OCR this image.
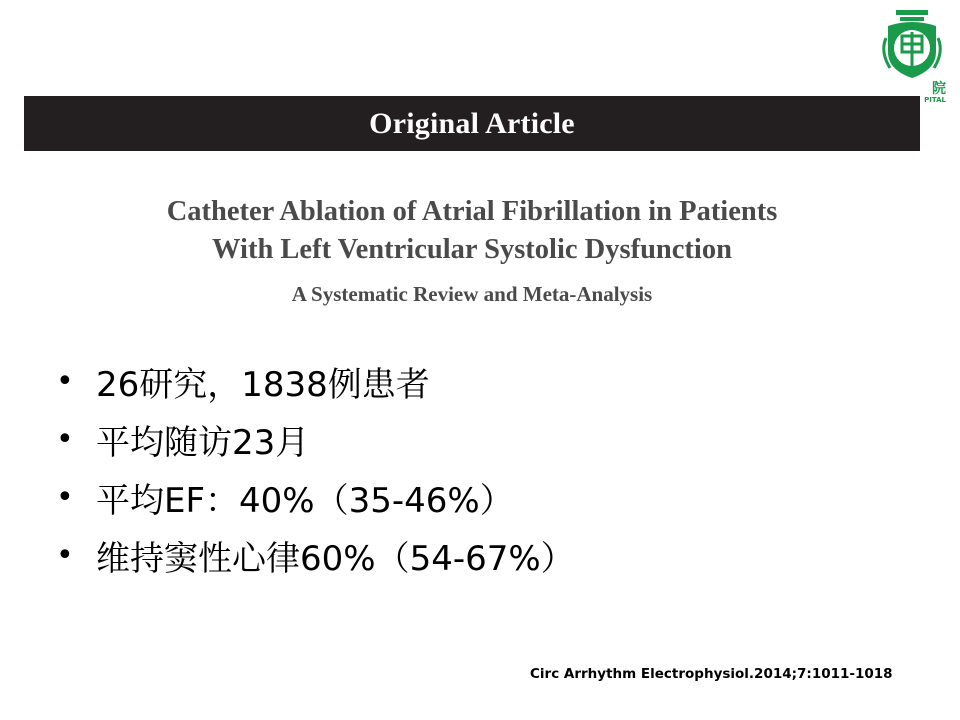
院
PITAL
Original Article
Catheter Ablation of Atrial Fibrillation in Patients
With Left Ventricular Systolic Dysfunction
A Systematic Review and Meta-Analysis
• 26研究，1838例患者
• 平均随访23月
• 平均EF：40%（35-46%）
• 维持窦性心律60%（54-67%）
Circ Arrhythm Electrophysiol.2014;7:1011-1018
